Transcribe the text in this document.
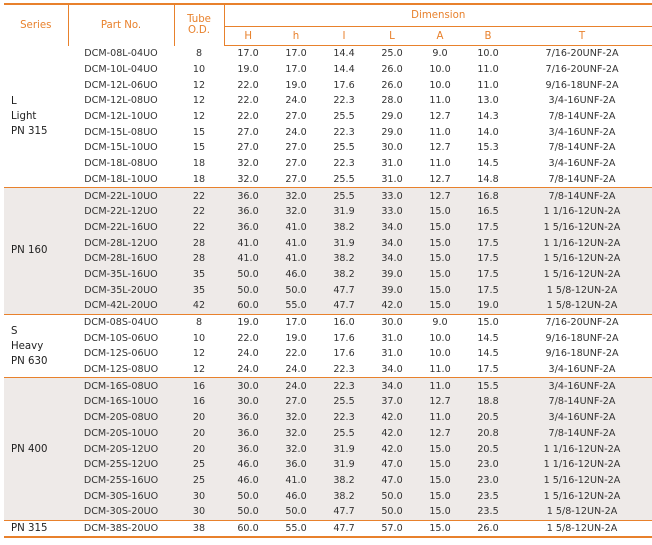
Series	Part No.	Tube
O.D.	Dimension						
			H	h	I	L	A	B	T

L
Light
PN 315	DCM-08L-04UO	8	17.0	17.0	14.4	25.0	9.0	10.0	7/16-20UNF-2A
	DCM-10L-04UO	10	19.0	17.0	14.4	26.0	10.0	11.0	7/16-20UNF-2A
	DCM-12L-06UO	12	22.0	19.0	17.6	26.0	10.0	11.0	9/16-18UNF-2A
	DCM-12L-08UO	12	22.0	24.0	22.3	28.0	11.0	13.0	3/4-16UNF-2A
	DCM-12L-10UO	12	22.0	27.0	25.5	29.0	12.7	14.3	7/8-14UNF-2A
	DCM-15L-08UO	15	27.0	24.0	22.3	29.0	11.0	14.0	3/4-16UNF-2A
	DCM-15L-10UO	15	27.0	27.0	25.5	30.0	12.7	15.3	7/8-14UNF-2A
	DCM-18L-08UO	18	32.0	27.0	22.3	31.0	11.0	14.5	3/4-16UNF-2A
	DCM-18L-10UO	18	32.0	27.0	25.5	31.0	12.7	14.8	7/8-14UNF-2A

PN 160	DCM-22L-10UO	22	36.0	32.0	25.5	33.0	12.7	16.8	7/8-14UNF-2A
	DCM-22L-12UO	22	36.0	32.0	31.9	33.0	15.0	16.5	1 1/16-12UN-2A
	DCM-22L-16UO	22	36.0	41.0	38.2	34.0	15.0	17.5	1 5/16-12UN-2A
	DCM-28L-12UO	28	41.0	41.0	31.9	34.0	15.0	17.5	1 1/16-12UN-2A
	DCM-28L-16UO	28	41.0	41.0	38.2	34.0	15.0	17.5	1 5/16-12UN-2A
	DCM-35L-16UO	35	50.0	46.0	38.2	39.0	15.0	17.5	1 5/16-12UN-2A
	DCM-35L-20UO	35	50.0	50.0	47.7	39.0	15.0	17.5	1 5/8-12UN-2A
	DCM-42L-20UO	42	60.0	55.0	47.7	42.0	15.0	19.0	1 5/8-12UN-2A

S
Heavy
PN 630	DCM-08S-04UO	8	19.0	17.0	16.0	30.0	9.0	15.0	7/16-20UNF-2A
	DCM-10S-06UO	10	22.0	19.0	17.6	31.0	10.0	14.5	9/16-18UNF-2A
	DCM-12S-06UO	12	24.0	22.0	17.6	31.0	10.0	14.5	9/16-18UNF-2A
	DCM-12S-08UO	12	24.0	24.0	22.3	34.0	11.0	17.5	3/4-16UNF-2A

PN 400	DCM-16S-08UO	16	30.0	24.0	22.3	34.0	11.0	15.5	3/4-16UNF-2A
	DCM-16S-10UO	16	30.0	27.0	25.5	37.0	12.7	18.8	7/8-14UNF-2A
	DCM-20S-08UO	20	36.0	32.0	22.3	42.0	11.0	20.5	3/4-16UNF-2A
	DCM-20S-10UO	20	36.0	32.0	25.5	42.0	12.7	20.8	7/8-14UNF-2A
	DCM-20S-12UO	20	36.0	32.0	31.9	42.0	15.0	20.5	1 1/16-12UN-2A
	DCM-25S-12UO	25	46.0	36.0	31.9	47.0	15.0	23.0	1 1/16-12UN-2A
	DCM-25S-16UO	25	46.0	41.0	38.2	47.0	15.0	23.0	1 5/16-12UN-2A
	DCM-30S-16UO	30	50.0	46.0	38.2	50.0	15.0	23.5	1 5/16-12UN-2A
	DCM-30S-20UO	30	50.0	50.0	47.7	50.0	15.0	23.5	1 5/8-12UN-2A

PN 315	DCM-38S-20UO	38	60.0	55.0	47.7	57.0	15.0	26.0	1 5/8-12UN-2A
